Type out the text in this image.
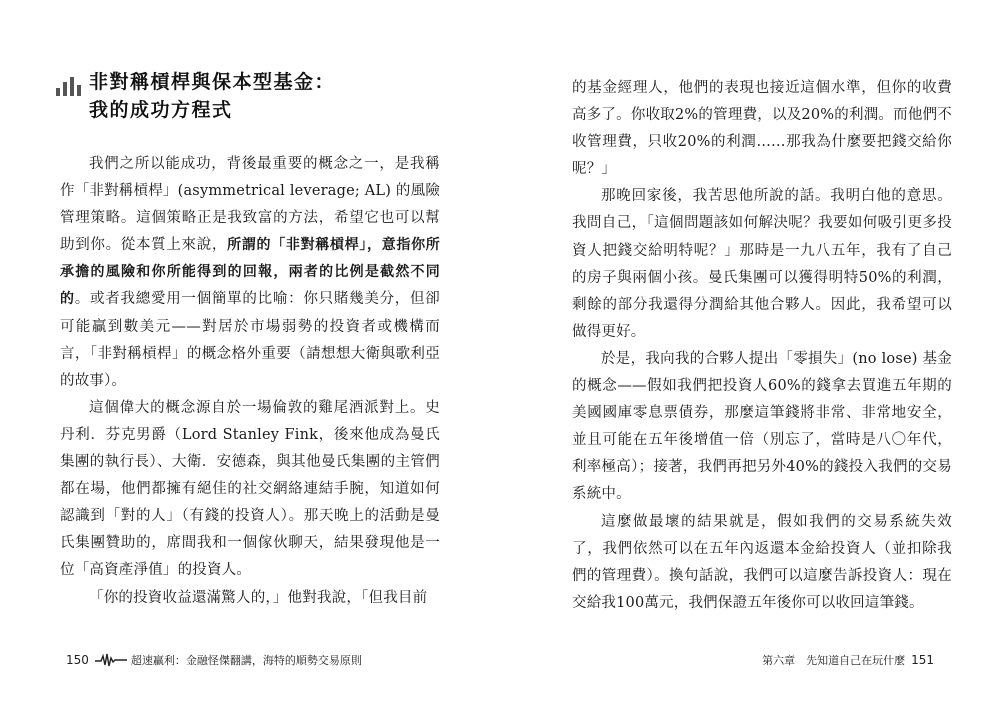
非對稱槓桿與保本型基金：
我的成功方程式

我們之所以能成功，背後最重要的概念之一，是我稱作「非對稱槓桿」(asymmetrical leverage; AL) 的風險管理策略。這個策略正是我致富的方法，希望它也可以幫助到你。從本質上來說，所謂的「非對稱槓桿」，意指你所承擔的風險和你所能得到的回報，兩者的比例是截然不同的。或者我總愛用一個簡單的比喻：你只賭幾美分，但卻可能贏到數美元——對居於市場弱勢的投資者或機構而言，「非對稱槓桿」的概念格外重要（請想想大衛與歌利亞的故事）。

這個偉大的概念源自於一場倫敦的雞尾酒派對上。史丹利．芬克男爵（Lord Stanley Fink，後來他成為曼氏集團的執行長）、大衛．安德森，與其他曼氏集團的主管們都在場，他們都擁有絕佳的社交網絡連結手腕，知道如何認識到「對的人」（有錢的投資人）。那天晚上的活動是曼氏集團贊助的，席間我和一個傢伙聊天，結果發現他是一位「高資產淨值」的投資人。

「你的投資收益還滿驚人的，」他對我說，「但我目前

150	超速贏利：金融怪傑翻講，海特的順勢交易原則

的基金經理人，他們的表現也接近這個水準，但你的收費高多了。你收取2%的管理費，以及20%的利潤。而他們不收管理費，只收20%的利潤……那我為什麼要把錢交給你呢？」

那晚回家後，我苦思他所說的話。我明白他的意思。我問自己，「這個問題該如何解決呢？我要如何吸引更多投資人把錢交給明特呢？」那時是一九八五年，我有了自己的房子與兩個小孩。曼氏集團可以獲得明特50%的利潤，剩餘的部分我還得分潤給其他合夥人。因此，我希望可以做得更好。

於是，我向我的合夥人提出「零損失」(no lose) 基金的概念——假如我們把投資人60%的錢拿去買進五年期的美國國庫零息票債券，那麼這筆錢將非常、非常地安全，並且可能在五年後增值一倍（別忘了，當時是八〇年代，利率極高）；接著，我們再把另外40%的錢投入我們的交易系統中。

這麼做最壞的結果就是，假如我們的交易系統失效了，我們依然可以在五年內返還本金給投資人（並扣除我們的管理費）。換句話說，我們可以這麼告訴投資人：現在交給我100萬元，我們保證五年後你可以收回這筆錢。

第六章　先知道自己在玩什麼 151
